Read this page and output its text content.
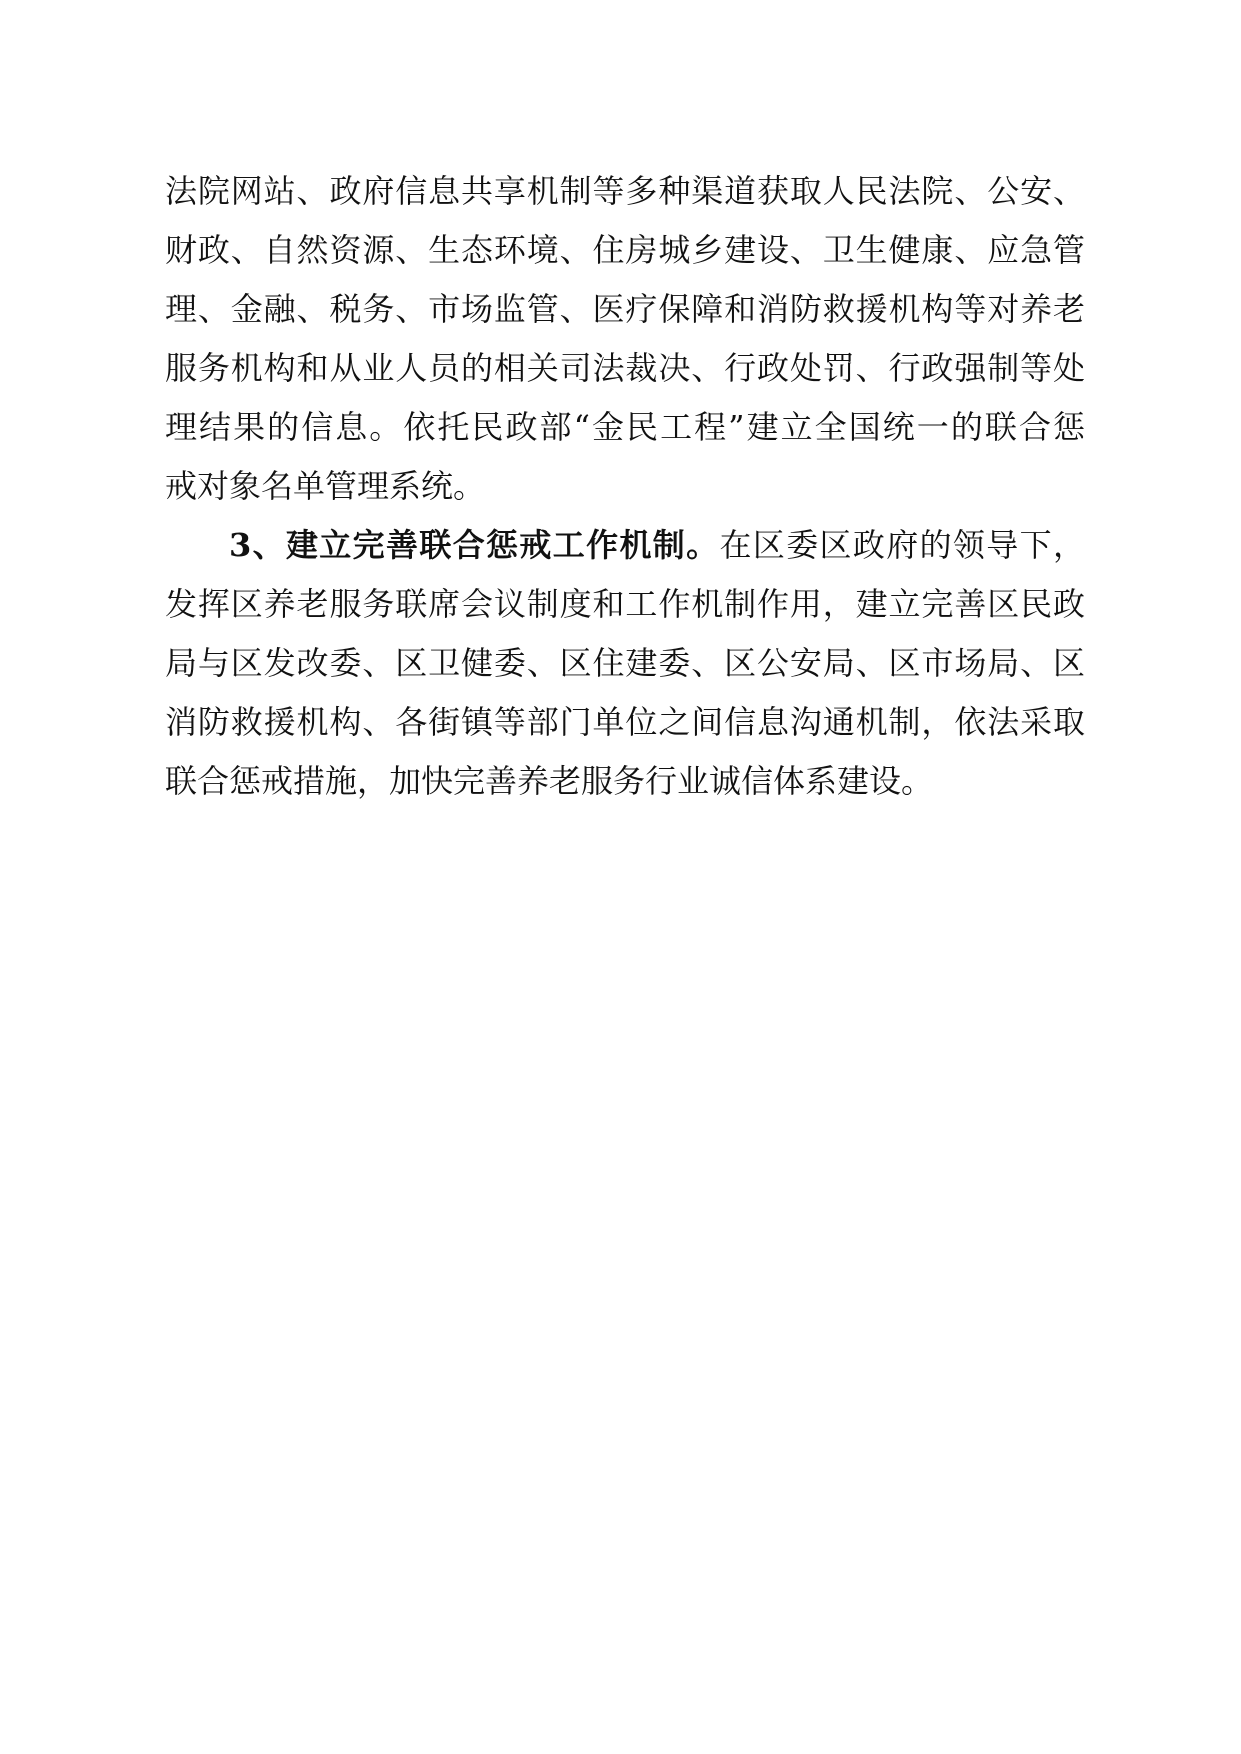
法院网站、政府信息共享机制等多种渠道获取人民法院、公安、
财政、自然资源、生态环境、住房城乡建设、卫生健康、应急管
理、金融、税务、市场监管、医疗保障和消防救援机构等对养老
服务机构和从业人员的相关司法裁决、行政处罚、行政强制等处
理结果的信息。依托民政部“金民工程”建立全国统一的联合惩
戒对象名单管理系统。
3、建立完善联合惩戒工作机制。在区委区政府的领导下，
发挥区养老服务联席会议制度和工作机制作用，建立完善区民政
局与区发改委、区卫健委、区住建委、区公安局、区市场局、区
消防救援机构、各街镇等部门单位之间信息沟通机制，依法采取
联合惩戒措施，加快完善养老服务行业诚信体系建设。
